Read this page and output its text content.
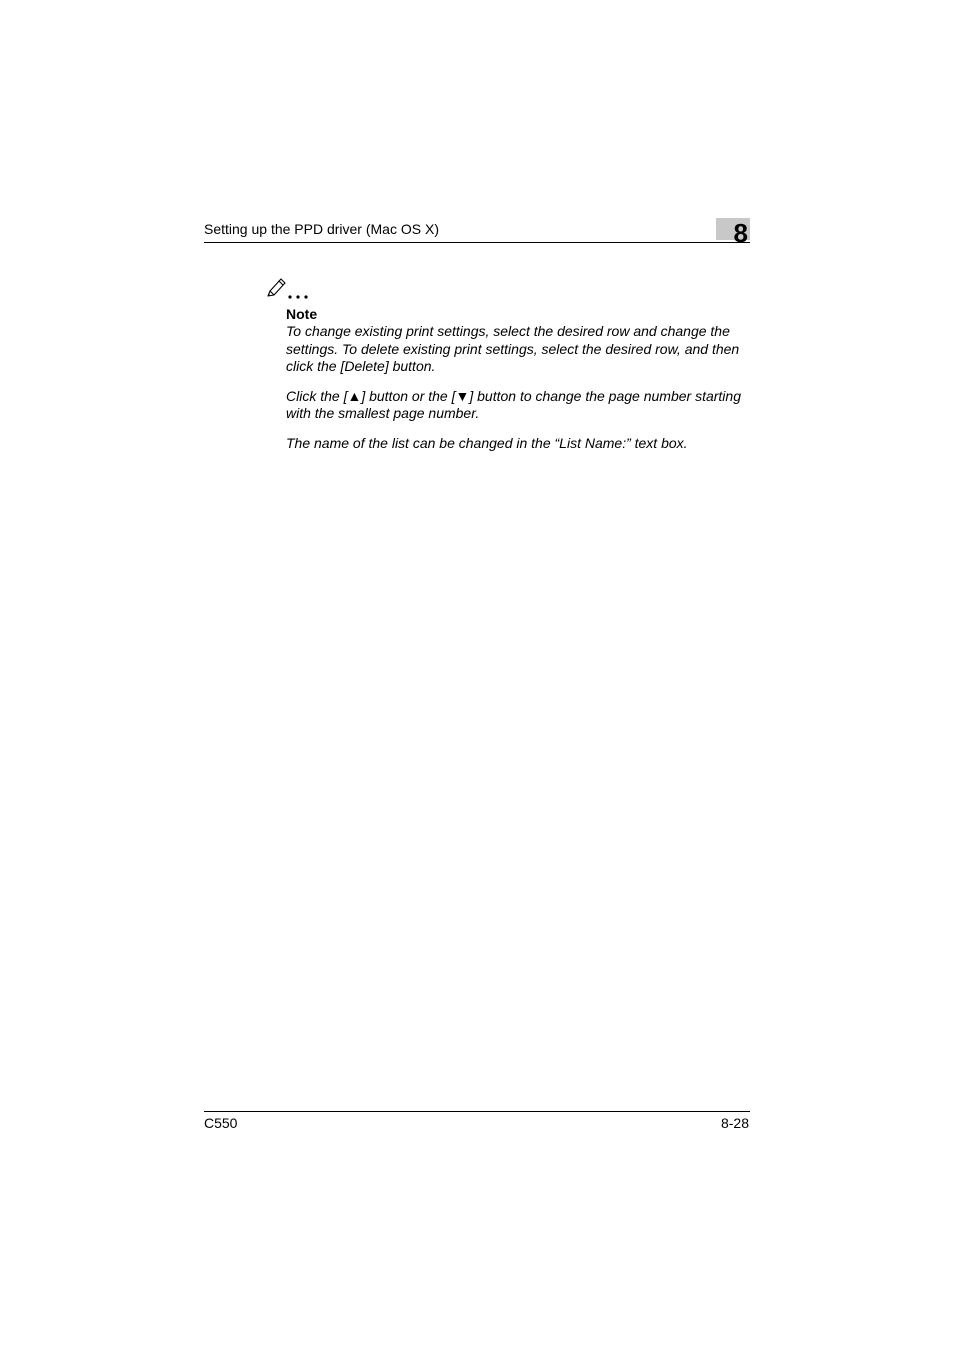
Setting up the PPD driver (Mac OS X)	8
Note

To change existing print settings, select the desired row and change the settings. To delete existing print settings, select the desired row, and then click the [Delete] button.

Click the [▲] button or the [▼] button to change the page number starting with the smallest page number.

The name of the list can be changed in the “List Name:” text box.

C550	8-28
